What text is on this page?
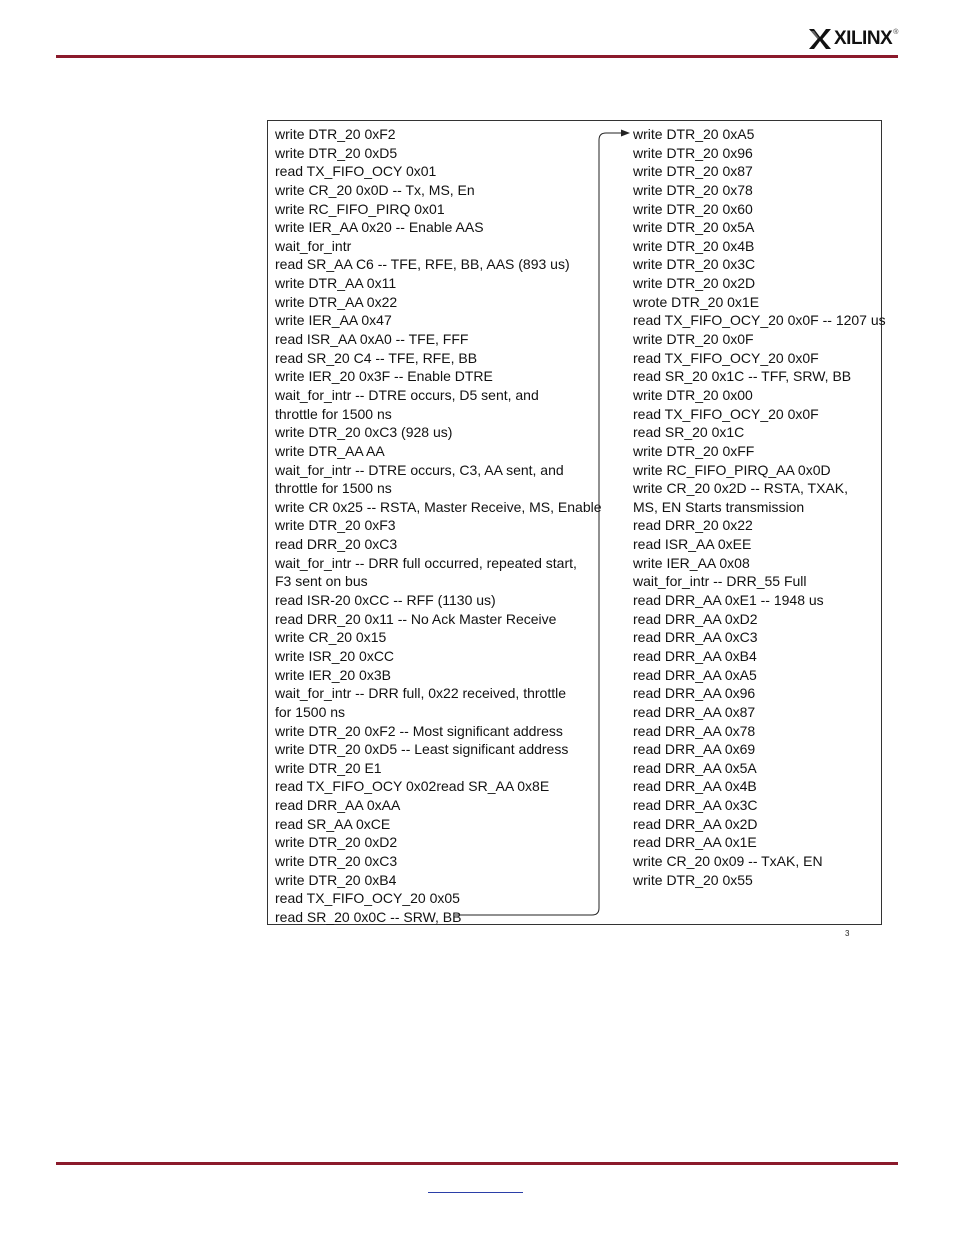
XILINX ®
write DTR_20 0xF2
write DTR_20 0xD5
read TX_FIFO_OCY 0x01
write CR_20 0x0D -- Tx, MS, En
write RC_FIFO_PIRQ 0x01
write IER_AA 0x20 -- Enable AAS
wait_for_intr
read SR_AA C6 -- TFE, RFE, BB, AAS (893 us)
write DTR_AA 0x11
write DTR_AA 0x22
write IER_AA 0x47
read ISR_AA 0xA0 -- TFE, FFF
read SR_20 C4 -- TFE, RFE, BB
write IER_20 0x3F -- Enable DTRE
wait_for_intr -- DTRE occurs, D5 sent, and
throttle for 1500 ns
write DTR_20 0xC3 (928 us)
write DTR_AA AA
wait_for_intr -- DTRE occurs, C3, AA sent, and
throttle for 1500 ns
write CR 0x25 -- RSTA, Master Receive, MS, Enable
write DTR_20 0xF3
read DRR_20 0xC3
wait_for_intr -- DRR full occurred, repeated start,
F3 sent on bus
read ISR-20 0xCC -- RFF (1130 us)
read DRR_20 0x11 -- No Ack Master Receive
write CR_20 0x15
write ISR_20 0xCC
write IER_20 0x3B
wait_for_intr -- DRR full, 0x22 received, throttle
for 1500 ns
write DTR_20 0xF2 -- Most significant address
write DTR_20 0xD5 -- Least significant address
write DTR_20 E1
read TX_FIFO_OCY 0x02read SR_AA 0x8E
read DRR_AA 0xAA
read SR_AA 0xCE
write DTR_20 0xD2
write DTR_20 0xC3
write DTR_20 0xB4
read TX_FIFO_OCY_20 0x05
read SR_20 0x0C -- SRW, BB
write DTR_20 0xA5
write DTR_20 0x96
write DTR_20 0x87
write DTR_20 0x78
write DTR_20 0x60
write DTR_20 0x5A
write DTR_20 0x4B
write DTR_20 0x3C
write DTR_20 0x2D
wrote DTR_20 0x1E
read TX_FIFO_OCY_20 0x0F -- 1207 us
write DTR_20 0x0F
read TX_FIFO_OCY_20 0x0F
read SR_20 0x1C -- TFF, SRW, BB
write DTR_20 0x00
read TX_FIFO_OCY_20 0x0F
read SR_20 0x1C
write DTR_20 0xFF
write RC_FIFO_PIRQ_AA 0x0D
write CR_20 0x2D -- RSTA, TXAK,
MS, EN Starts transmission
read DRR_20 0x22
read ISR_AA 0xEE
write IER_AA 0x08
wait_for_intr -- DRR_55 Full
read DRR_AA 0xE1 -- 1948 us
read DRR_AA 0xD2
read DRR_AA 0xC3
read DRR_AA 0xB4
read DRR_AA 0xA5
read DRR_AA 0x96
read DRR_AA 0x87
read DRR_AA 0x78
read DRR_AA 0x69
read DRR_AA 0x5A
read DRR_AA 0x4B
read DRR_AA 0x3C
read DRR_AA 0x2D
read DRR_AA 0x1E
write CR_20 0x09 -- TxAK, EN
write DTR_20 0x55
3
